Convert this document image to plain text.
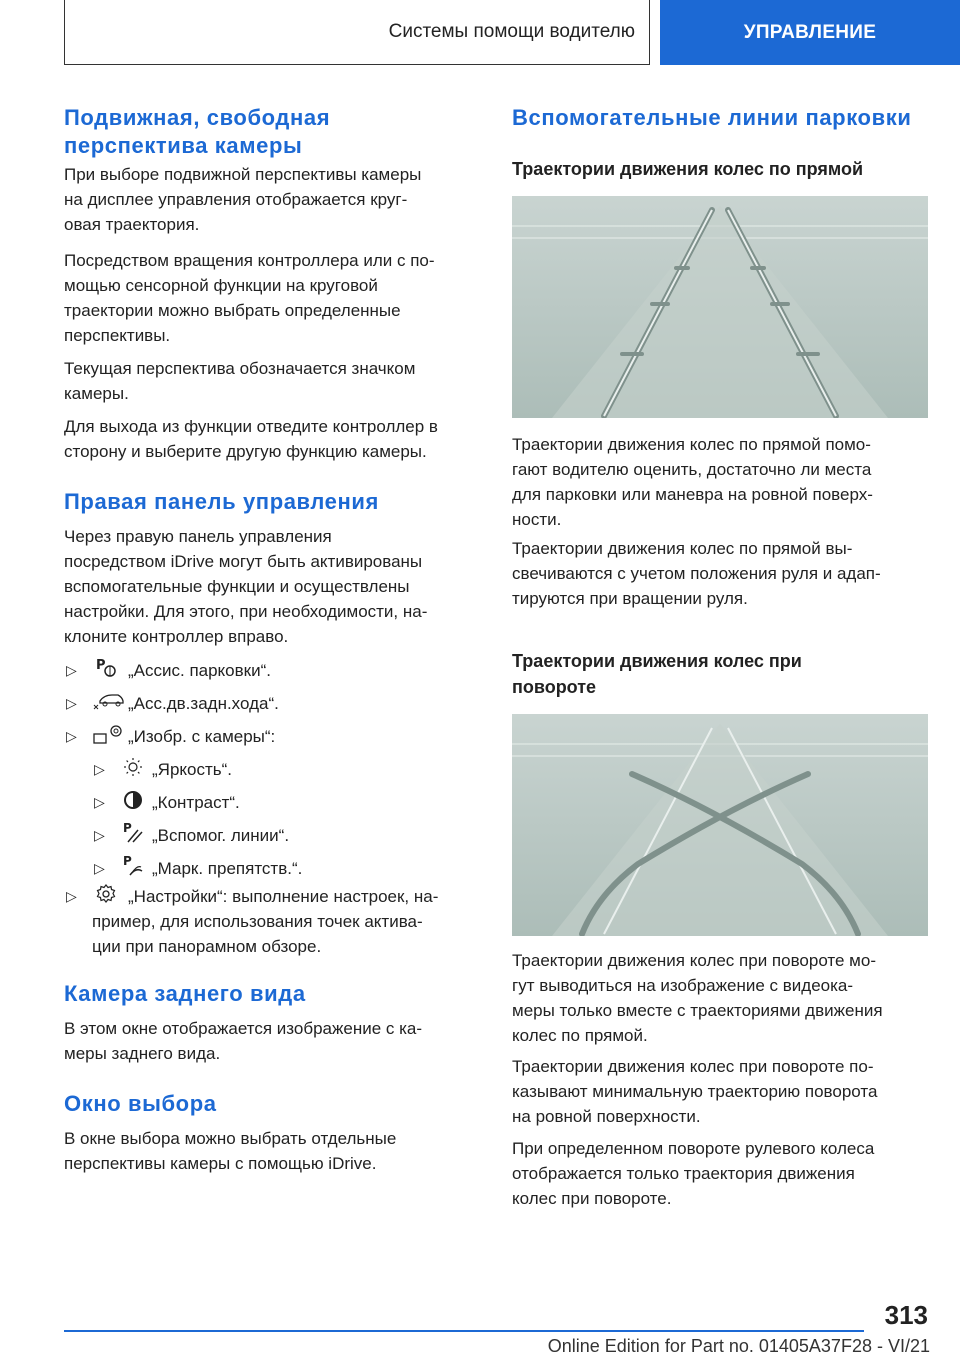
Системы помощи водителю	УПРАВЛЕНИЕ
Подвижная, свободная
перспектива камеры

При выборе подвижной перспективы камеры
на дисплее управления отображается круг-
овая траектория.

Посредством вращения контроллера или с по-
мощью сенсорной функции на круговой
траектории можно выбрать определенные
перспективы.

Текущая перспектива обозначается значком
камеры.

Для выхода из функции отведите контроллер в
сторону и выберите другую функцию камеры.

Правая панель управления

Через правую панель управления
посредством iDrive могут быть активированы
вспомогательные функции и осуществлены
настройки. Для этого, при необходимости, на-
клоните контроллер вправо.

▷ P „Ассис. парковки“.
▷	„Асс.дв.задн.хода“.
▷	„Изобр. с камеры“:
▷	„Яркость“.
▷	„Контраст“.
▷ P „Вспомог. линии“.
▷ P „Марк. препятств.“.
▷	„Настройки“: выполнение настроек, на-
пример, для использования точек актива-
ции при панорамном обзоре.
Камера заднего вида

В этом окне отображается изображение с ка-
меры заднего вида.

Окно выбора

В окне выбора можно выбрать отдельные
перспективы камеры с помощью iDrive.

Вспомогательные линии парковки
Траектории движения колес по прямой

Траектории движения колес по прямой помо-
гают водителю оценить, достаточно ли места
для парковки или маневра на ровной поверх-
ности.

Траектории движения колес по прямой вы-
свечиваются с учетом положения руля и адап-
тируются при вращении руля.

Траектории движения колес при
повороте

Траектории движения колес при повороте мо-
гут выводиться на изображение с видеока-
меры только вместе с траекториями движения
колес по прямой.

Траектории движения колес при повороте по-
казывают минимальную траекторию поворота
на ровной поверхности.

При определенном повороте рулевого колеса
отображается только траектория движения
колес при повороте.

313
Online Edition for Part no. 01405A37F28 - VI/21
